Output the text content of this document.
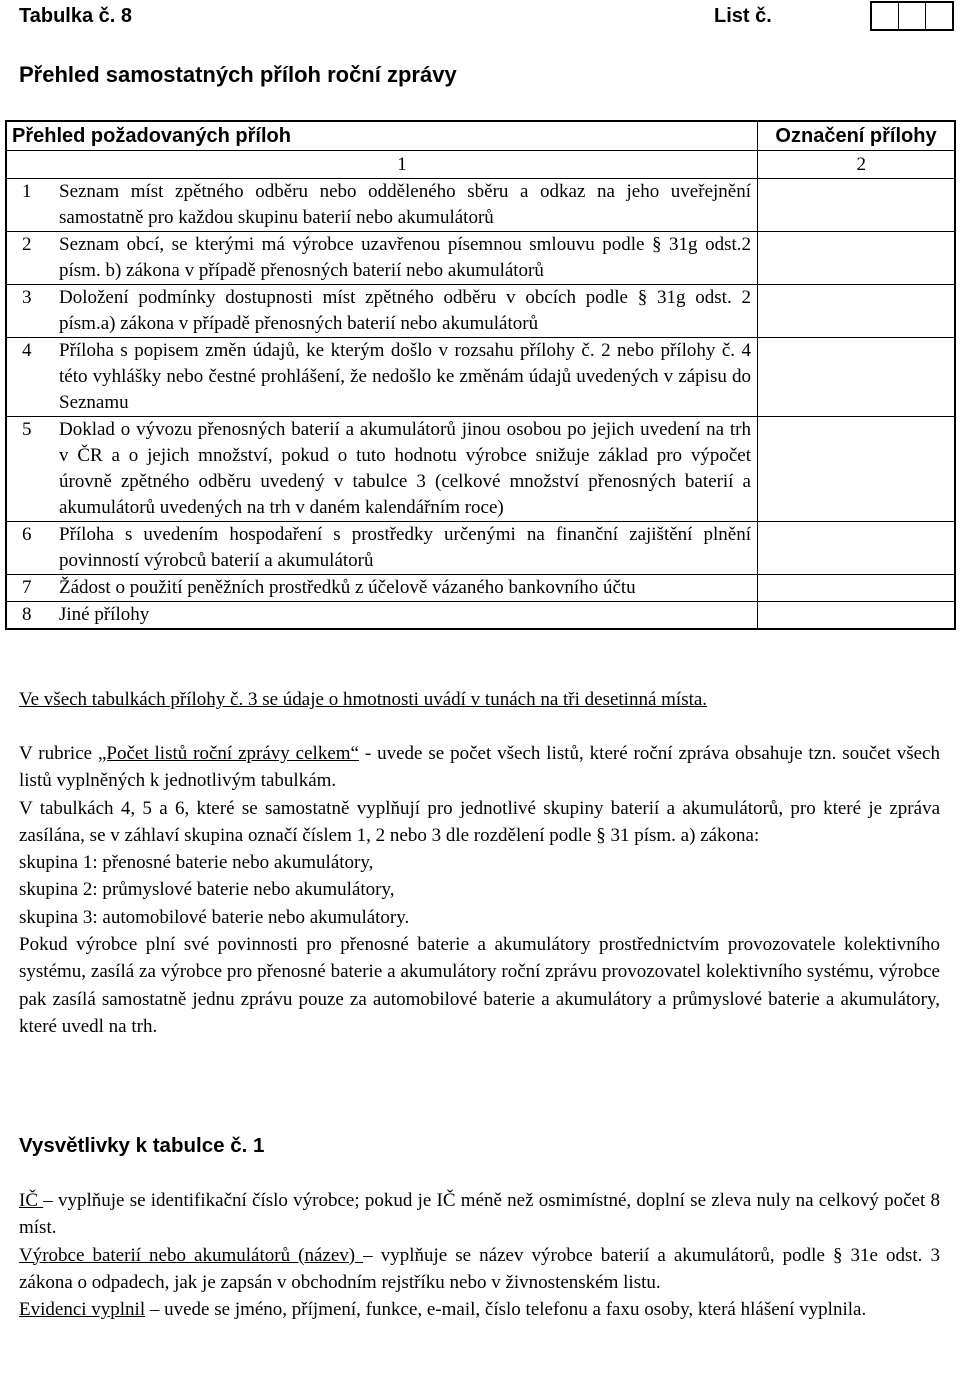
Tabulka č. 8	List č.
Přehled samostatných příloh roční zprávy
Přehled požadovaných příloh	Označení přílohy
1	2
1	Seznam míst zpětného odběru nebo odděleného sběru a odkaz na jeho uveřejnění samostatně pro každou skupinu baterií nebo akumulátorů
2	Seznam obcí, se kterými má výrobce uzavřenou písemnou smlouvu podle § 31g odst.2 písm. b) zákona v případě přenosných baterií nebo akumulátorů
3	Doložení podmínky dostupnosti míst zpětného odběru v obcích podle § 31g odst. 2 písm.a) zákona v případě přenosných baterií nebo akumulátorů
4	Příloha s popisem změn údajů, ke kterým došlo v rozsahu přílohy č. 2 nebo přílohy č. 4 této vyhlášky nebo čestné prohlášení, že nedošlo ke změnám údajů uvedených v zápisu do Seznamu
5	Doklad o vývozu přenosných baterií a akumulátorů jinou osobou po jejich uvedení na trh v ČR a o jejich množství, pokud o tuto hodnotu výrobce snižuje základ pro výpočet úrovně zpětného odběru uvedený v tabulce 3 (celkové množství přenosných baterií a akumulátorů uvedených na trh v daném kalendářním roce)
6	Příloha s uvedením hospodaření s prostředky určenými na finanční zajištění plnění povinností výrobců baterií a akumulátorů
7	Žádost o použití peněžních prostředků z účelově vázaného bankovního účtu
8	Jiné přílohy
Ve všech tabulkách přílohy č. 3 se údaje o hmotnosti uvádí v tunách na tři desetinná místa.

V rubrice „Počet listů roční zprávy celkem“ - uvede se počet všech listů, které roční zpráva obsahuje tzn. součet všech listů vyplněných k jednotlivým tabulkám.

V tabulkách 4, 5 a 6, které se samostatně vyplňují pro jednotlivé skupiny baterií a akumulátorů, pro které je zpráva zasílána, se v záhlaví skupina označí číslem 1, 2 nebo 3 dle rozdělení podle § 31 písm. a) zákona:

skupina 1: přenosné baterie nebo akumulátory,

skupina 2: průmyslové baterie nebo akumulátory,

skupina 3: automobilové baterie nebo akumulátory.

Pokud výrobce plní své povinnosti pro přenosné baterie a akumulátory prostřednictvím provozovatele kolektivního systému, zasílá za výrobce pro přenosné baterie a akumulátory roční zprávu provozovatel kolektivního systému, výrobce pak zasílá samostatně jednu zprávu pouze za automobilové baterie a akumulátory a průmyslové baterie a akumulátory, které uvedl na trh.

Vysvětlivky k tabulce č. 1

IČ – vyplňuje se identifikační číslo výrobce; pokud je IČ méně než osmimístné, doplní se zleva nuly na celkový počet 8 míst.

Výrobce baterií nebo akumulátorů (název) – vyplňuje se název výrobce baterií a akumulátorů, podle § 31e odst. 3 zákona o odpadech, jak je zapsán v obchodním rejstříku nebo v živnostenském listu.

Evidenci vyplnil – uvede se jméno, příjmení, funkce, e-mail, číslo telefonu a faxu osoby, která hlášení vyplnila.
